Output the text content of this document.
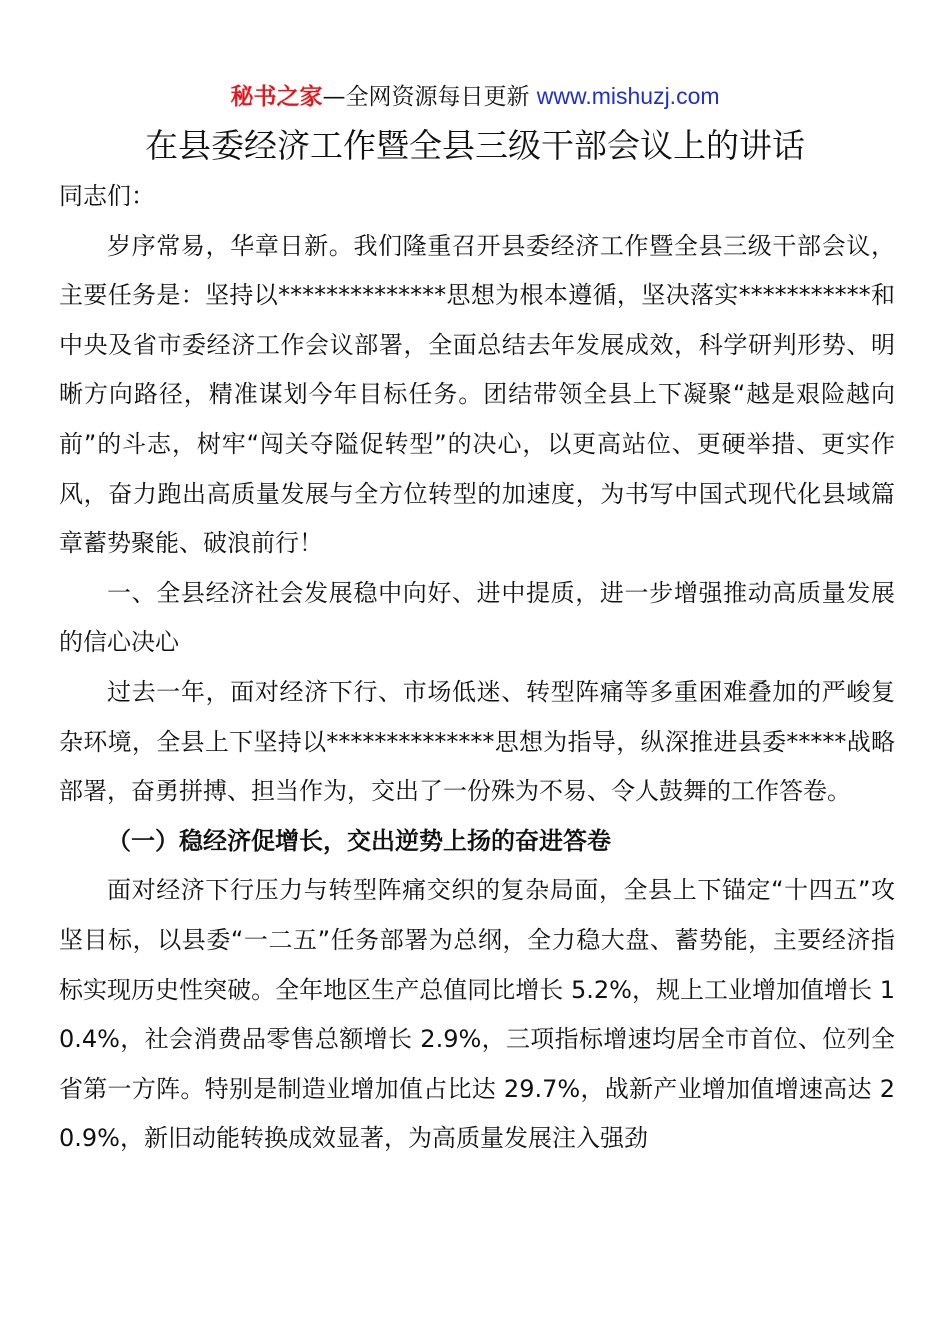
秘书之家—全网资源每日更新 www.mishuzj.com
在县委经济工作暨全县三级干部会议上的讲话

同志们：

岁序常易，华章日新。我们隆重召开县委经济工作暨全县三级干部会议，主要任务是：坚持以**************思想为根本遵循，坚决落实***********和中央及省市委经济工作会议部署，全面总结去年发展成效，科学研判形势、明晰方向路径，精准谋划今年目标任务。团结带领全县上下凝聚“越是艰险越向前”的斗志，树牢“闯关夺隘促转型”的决心，以更高站位、更硬举措、更实作风，奋力跑出高质量发展与全方位转型的加速度，为书写中国式现代化县域篇章蓄势聚能、破浪前行！

一、全县经济社会发展稳中向好、进中提质，进一步增强推动高质量发展的信心决心

过去一年，面对经济下行、市场低迷、转型阵痛等多重困难叠加的严峻复杂环境，全县上下坚持以**************思想为指导，纵深推进县委*****战略部署，奋勇拼搏、担当作为，交出了一份殊为不易、令人鼓舞的工作答卷。

（一）稳经济促增长，交出逆势上扬的奋进答卷

面对经济下行压力与转型阵痛交织的复杂局面，全县上下锚定“十四五”攻坚目标，以县委“一二五”任务部署为总纲，全力稳大盘、蓄势能，主要经济指标实现历史性突破。全年地区生产总值同比增长 5.2%，规上工业增加值增长 10.4%，社会消费品零售总额增长 2.9%，三项指标增速均居全市首位、位列全省第一方阵。特别是制造业增加值占比达 29.7%，战新产业增加值增速高达 20.9%，新旧动能转换成效显著，为高质量发展注入强劲
